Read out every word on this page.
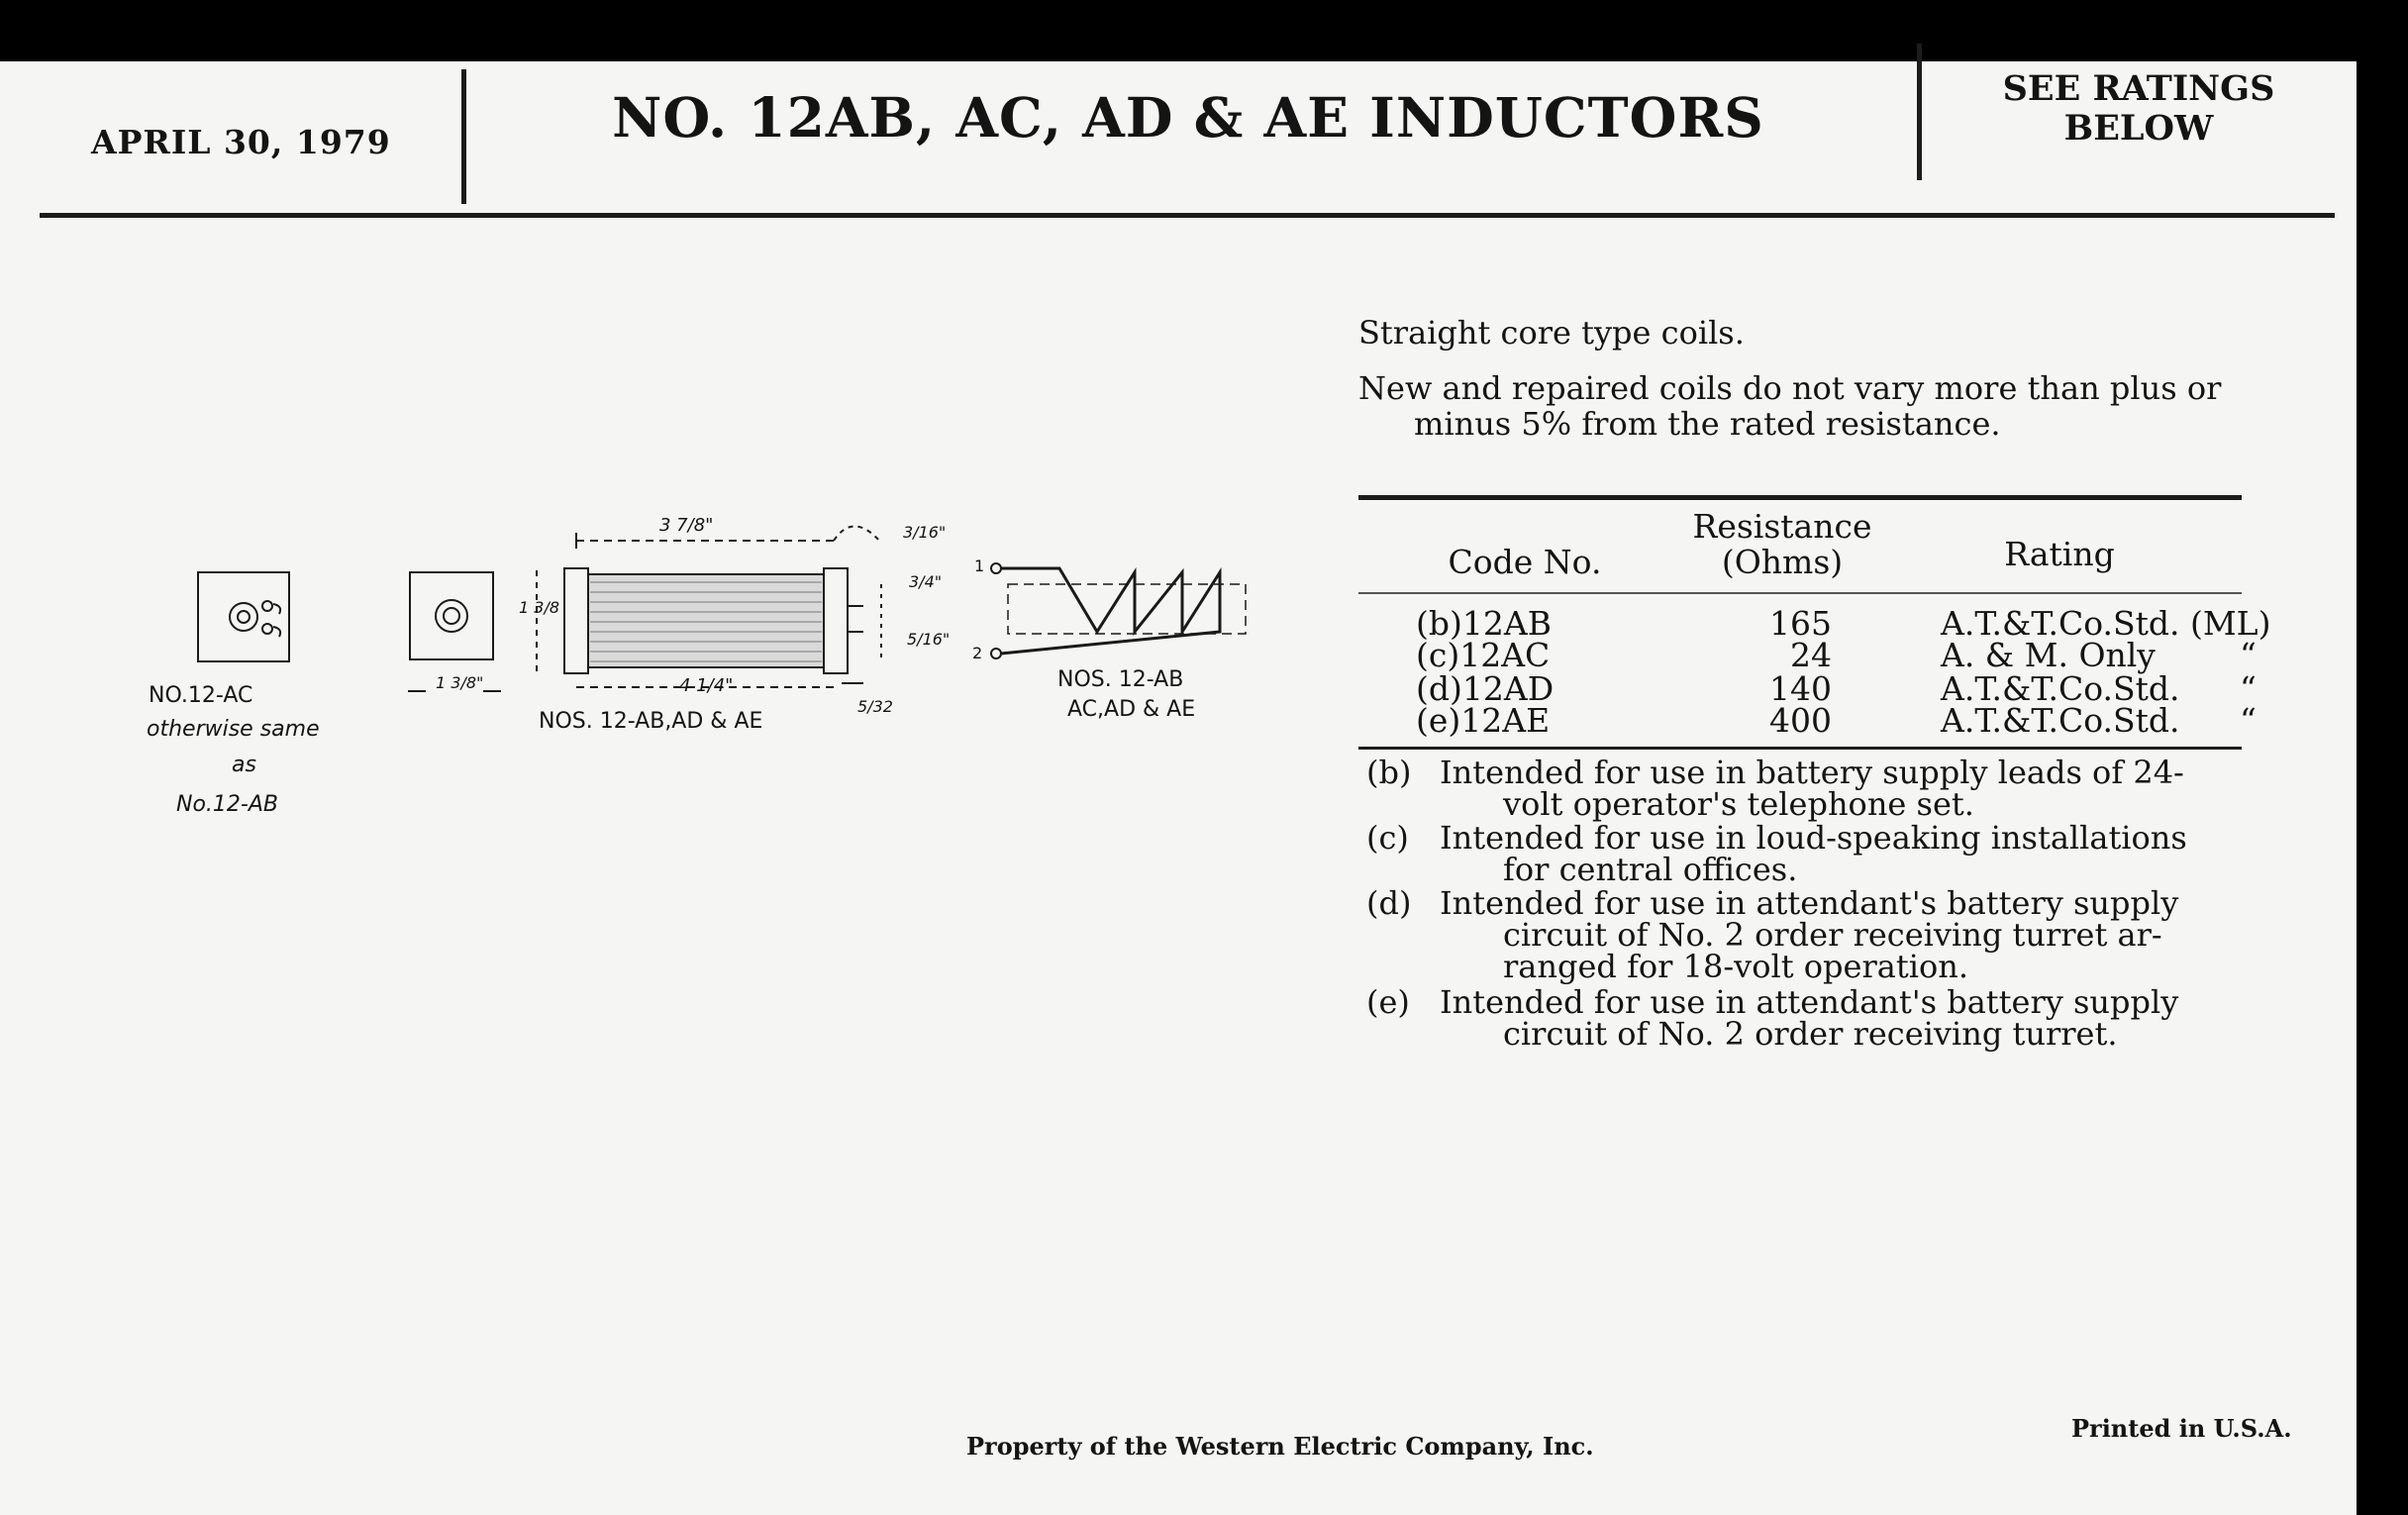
APRIL 30, 1979	NO. 12AB, AC, AD & AE INDUCTORS	SEE RATINGS
BELOW
Straight core type coils.
New and repaired coils do not vary more than plus or
minus 5% from the rated resistance.
Code No.
Resistance
(Ohms)	Rating
(b)12AB	165	A.T.&T.Co.Std. (ML)
(c)12AC	24	A. & M. Only	“
(d)12AD	140	A.T.&T.Co.Std. “
(e)12AE	400	A.T.&T.Co.Std. “
(b) Intended for use in battery supply leads of 24-
volt operator's telephone set.
(c) Intended for use in loud-speaking installations
for central offices.
(d) Intended for use in attendant's battery supply
circuit of No. 2 order receiving turret ar-
ranged for 18-volt operation.
(e) Intended for use in attendant's battery supply
circuit of No. 2 order receiving turret.
NO.12-AC
otherwise same
as
No.12-AB
NOS. 12-AB,AD & AE
NOS. 12-AB
AC,AD & AE
3 7/8"
4 1/4"
1 3/8"
1 3/8
3/16"
3/4"
5/16"
5/32
1
2
Property of the Western Electric Company, Inc.
Printed in U.S.A.
